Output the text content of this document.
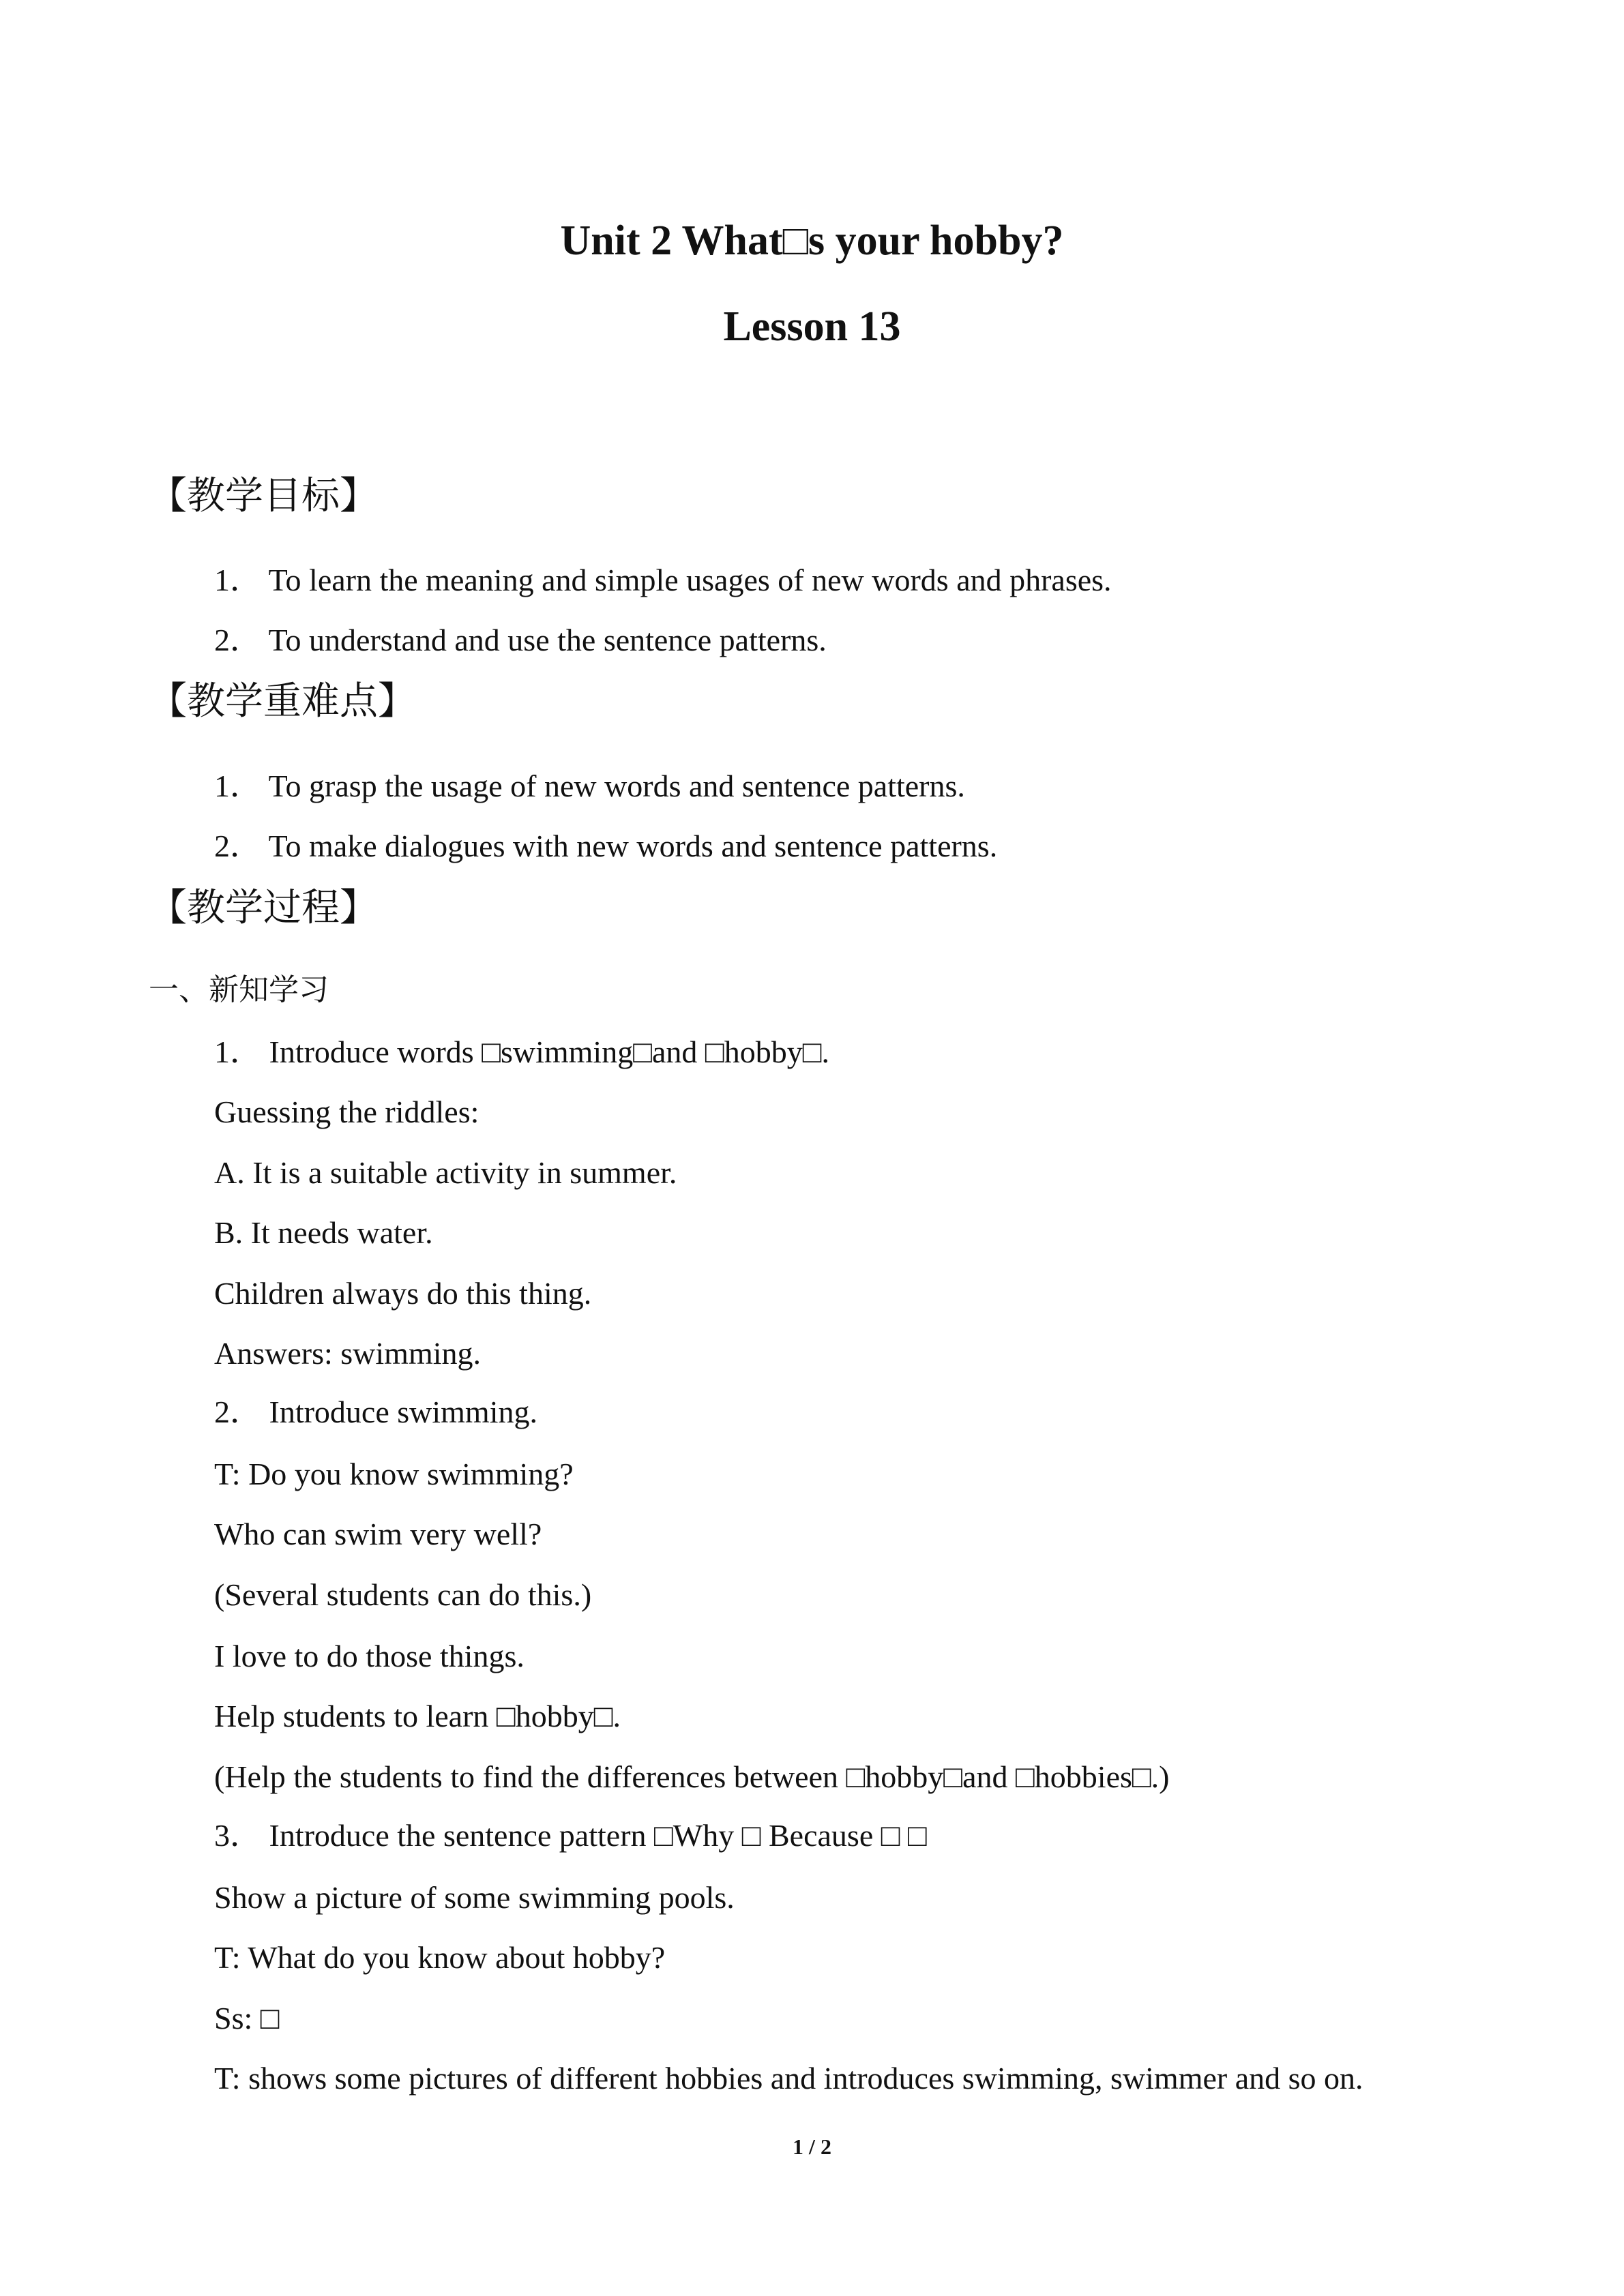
Unit 2 What□s your hobby?
Lesson 13
【教学目标】

1． To learn the meaning and simple usages of new words and phrases.

2． To understand and use the sentence patterns.

【教学重难点】

1． To grasp the usage of new words and sentence patterns.

2． To make dialogues with new words and sentence patterns.

【教学过程】

一、新知学习

1． Introduce words □swimming□and □hobby□.

Guessing the riddles:

A. It is a suitable activity in summer.

B. It needs water.

Children always do this thing.

Answers: swimming.

2． Introduce swimming.

T: Do you know swimming?

Who can swim very well?

(Several students can do this.)

I love to do those things.

Help students to learn □hobby□.

(Help the students to find the differences between □hobby□and □hobbies□.)

3． Introduce the sentence pattern □Why □ Because □ □

Show a picture of some swimming pools.

T: What do you know about hobby?

Ss: □

T: shows some pictures of different hobbies and introduces swimming, swimmer and so on.

1 / 2
